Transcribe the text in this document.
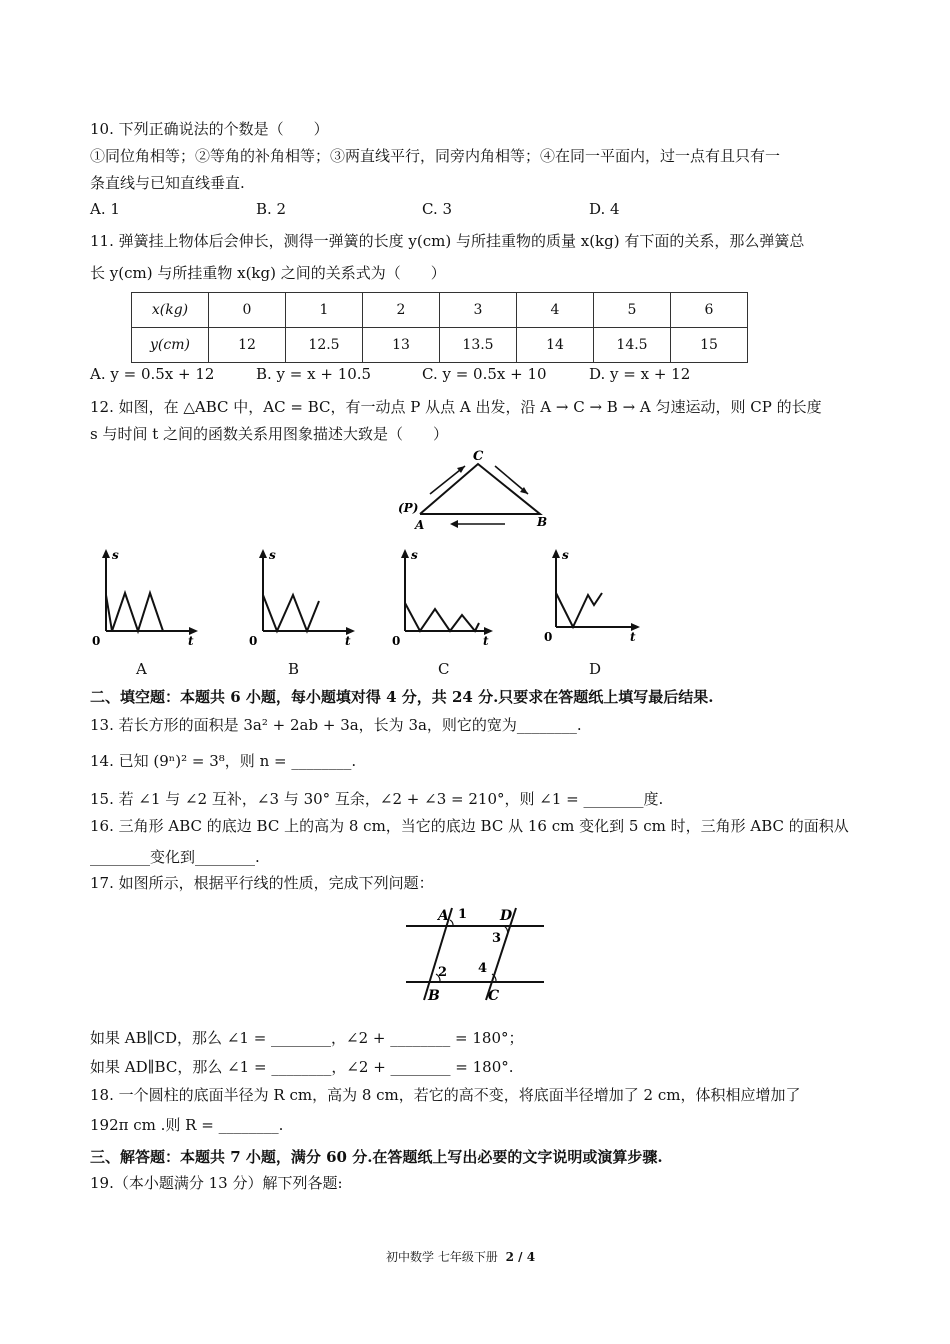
10. 下列正确说法的个数是（　　）
①同位角相等；②等角的补角相等；③两直线平行，同旁内角相等；④在同一平面内，过一点有且只有一
条直线与已知直线垂直.
A. 1	B. 2	C. 3	D. 4
11. 弹簧挂上物体后会伸长，测得一弹簧的长度 y(cm) 与所挂重物的质量 x(kg) 有下面的关系，那么弹簧总
长 y(cm) 与所挂重物 x(kg) 之间的关系式为（　　）
x(kg)	0	1	2	3	4	5	6
y(cm)	12	12.5	13	13.5	14	14.5	15
A. y = 0.5x + 12	B. y = x + 10.5	C. y = 0.5x + 10	D. y = x + 12
12. 如图，在 △ABC 中，AC = BC，有一动点 P 从点 A 出发，沿 A → C → B → A 匀速运动，则 CP 的长度
s 与时间 t 之间的函数关系用图象描述大致是（　　）
C
(P)
A	B
s
0	t
A
s
0	t
B
s
0	t
C
s
0	t
D
二、填空题：本题共 6 小题，每小题填对得 4 分，共 24 分.只要求在答题纸上填写最后结果.
13. 若长方形的面积是 3a² + 2ab + 3a，长为 3a，则它的宽为________.
14. 已知 (9ⁿ)² = 3⁸，则 n = ________.
15. 若 ∠1 与 ∠2 互补，∠3 与 30° 互余，∠2 + ∠3 = 210°，则 ∠1 = ________度.
16. 三角形 ABC 的底边 BC 上的高为 8 cm，当它的底边 BC 从 16 cm 变化到 5 cm 时，三角形 ABC 的面积从
________变化到________.
17. 如图所示，根据平行线的性质，完成下列问题：
A 1 D
3
2 4
B	C
如果 AB∥CD，那么 ∠1 = ________，∠2 + ________ = 180°；
如果 AD∥BC，那么 ∠1 = ________，∠2 + ________ = 180°.
18. 一个圆柱的底面半径为 R cm，高为 8 cm，若它的高不变，将底面半径增加了 2 cm，体积相应增加了
192π cm .则 R = ________.
三、解答题：本题共 7 小题，满分 60 分.在答题纸上写出必要的文字说明或演算步骤.
19.（本小题满分 13 分）解下列各题:
初中数学 七年级下册 2 / 4
